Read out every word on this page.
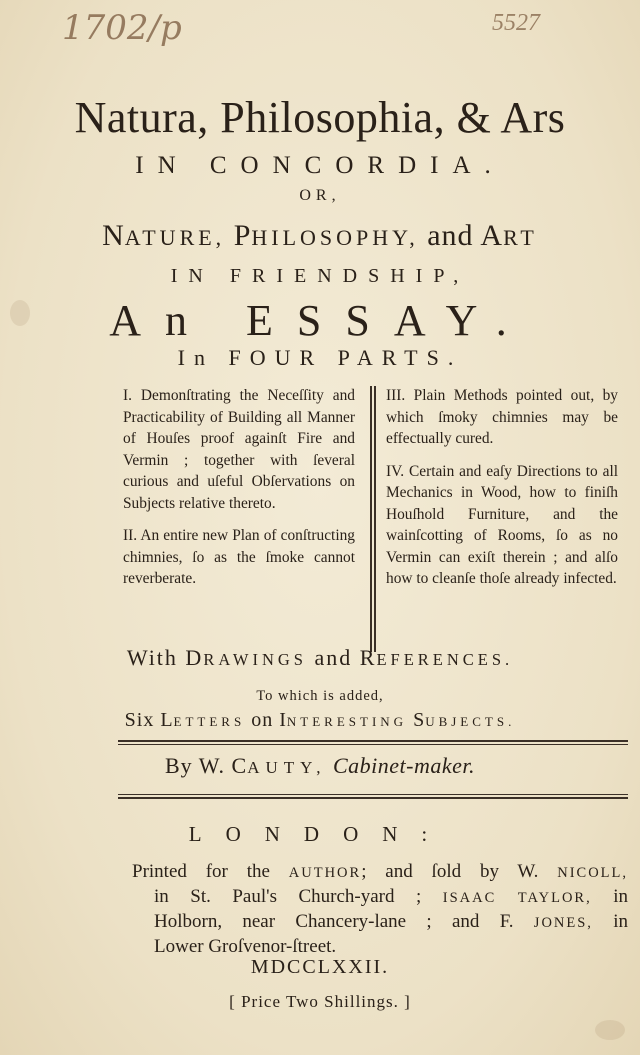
1702/p	5527
Natura, Philosophia, & Ars
IN CONCORDIA.
OR,
NATURE, PHILOSOPHY, and ART
IN FRIENDSHIP,
An ESSAY.
In FOUR PARTS.

I. Demonſtrating the Neceſſity and Practicability of Building all Manner of Houſes proof againſt Fire and Vermin ; together with ſeveral curious and uſeful Obſervations on Subjects relative thereto.

II. An entire new Plan of conſtructing chimnies, ſo as the ſmoke cannot reverberate.

III. Plain Methods pointed out, by which ſmoky chimnies may be effectually cured.

IV. Certain and eaſy Directions to all Mechanics in Wood, how to finiſh Houſhold Furniture, and the wainſcotting of Rooms, ſo as no Vermin can exiſt therein ; and alſo how to cleanſe thoſe already infected.

With DRAWINGS and REFERENCES.
To which is added,
Six LETTERS on INTERESTING SUBJECTS.
By W. CAUTY, Cabinet-maker.
LONDON:
Printed for the AUTHOR; and ſold by W. NICOLL,
in St. Paul's Church-yard ; ISAAC TAYLOR, in
Holborn, near Chancery-lane ; and F. JONES, in
Lower Groſvenor-ſtreet.
MDCCLXXII.
[ Price Two Shillings. ]
